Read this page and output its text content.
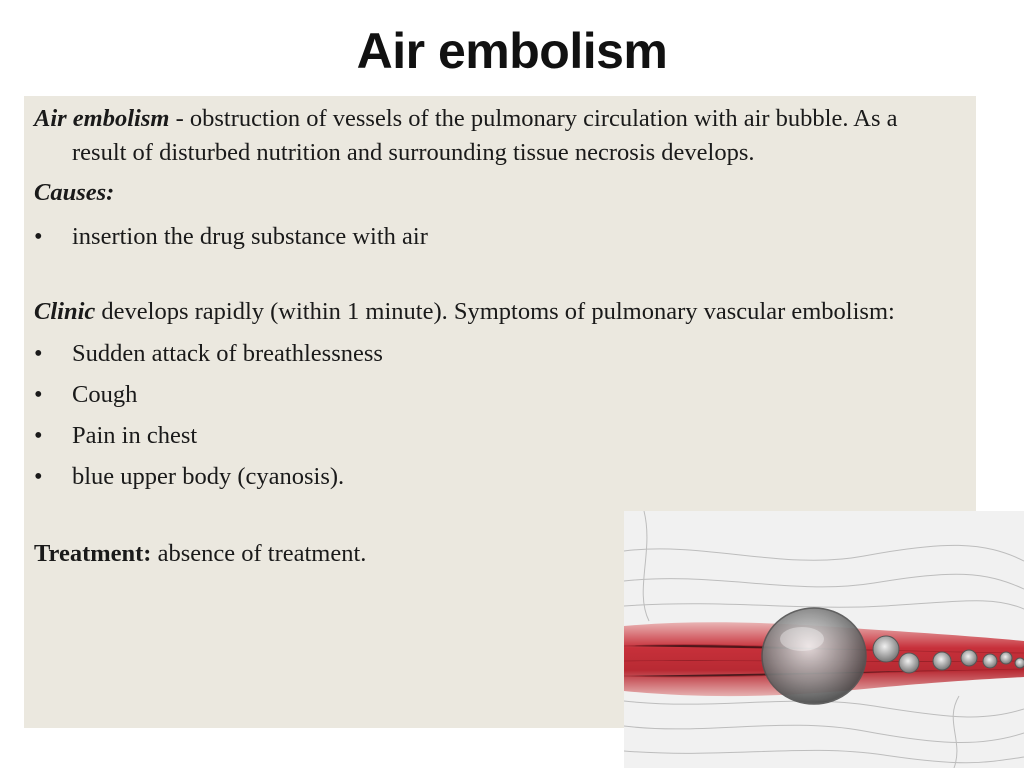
Air embolism

Air embolism - obstruction of vessels of the pulmonary circulation with air bubble. As a result of disturbed nutrition and surrounding tissue necrosis develops.

Causes:

•	insertion the drug substance with air

Clinic develops rapidly (within 1 minute). Symptoms of pulmonary vascular embolism:

•	Sudden attack of breathlessness

•	Cough

•	Pain in chest

•	blue upper body (cyanosis).

Treatment: absence of treatment.
